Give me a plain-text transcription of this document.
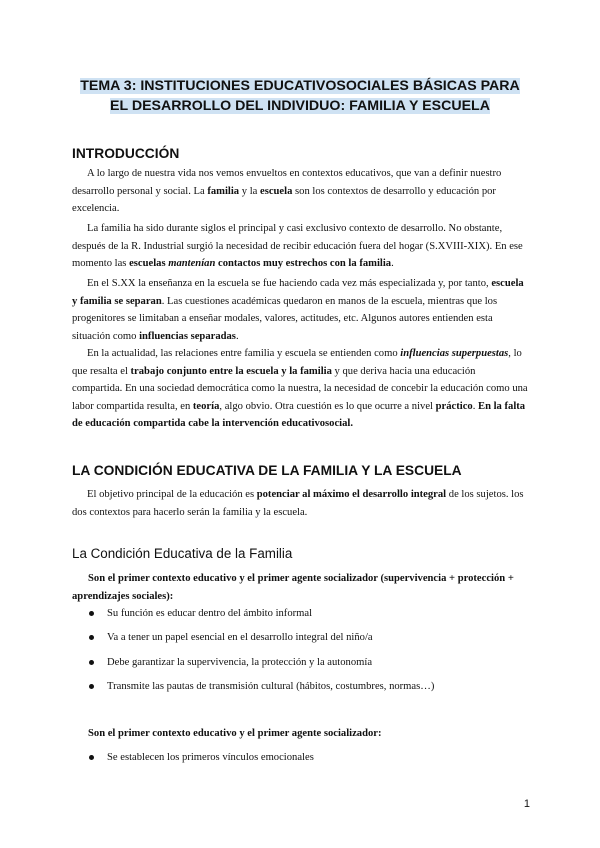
TEMA 3: INSTITUCIONES EDUCATIVOSOCIALES BÁSICAS PARA
EL DESARROLLO DEL INDIVIDUO: FAMILIA Y ESCUELA
INTRODUCCIÓN

A lo largo de nuestra vida nos vemos envueltos en contextos educativos, que van a definir nuestro desarrollo personal y social. La familia y la escuela son los contextos de desarrollo y educación por excelencia.

La familia ha sido durante siglos el principal y casi exclusivo contexto de desarrollo. No obstante, después de la R. Industrial surgió la necesidad de recibir educación fuera del hogar (S.XVIII-XIX). En ese momento las escuelas mantenían contactos muy estrechos con la familia.

En el S.XX la enseñanza en la escuela se fue haciendo cada vez más especializada y, por tanto, escuela y familia se separan. Las cuestiones académicas quedaron en manos de la escuela, mientras que los progenitores se limitaban a enseñar modales, valores, actitudes, etc. Algunos autores entienden esta situación como influencias separadas.

En la actualidad, las relaciones entre familia y escuela se entienden como influencias superpuestas, lo que resalta el trabajo conjunto entre la escuela y la familia y que deriva hacia una educación compartida. En una sociedad democrática como la nuestra, la necesidad de concebir la educación como una labor compartida resulta, en teoría, algo obvio. Otra cuestión es lo que ocurre a nivel práctico. En la falta de educación compartida cabe la intervención educativosocial.

LA CONDICIÓN EDUCATIVA DE LA FAMILIA Y LA ESCUELA

El objetivo principal de la educación es potenciar al máximo el desarrollo integral de los sujetos. los dos contextos para hacerlo serán la familia y la escuela.

La Condición Educativa de la Familia

Son el primer contexto educativo y el primer agente socializador (supervivencia + protección + aprendizajes sociales):

Su función es educar dentro del ámbito informal
Va a tener un papel esencial en el desarrollo integral del niño/a
Debe garantizar la supervivencia, la protección y la autonomía
Transmite las pautas de transmisión cultural (hábitos, costumbres, normas…)

Son el primer contexto educativo y el primer agente socializador:

Se establecen los primeros vínculos emocionales
1
